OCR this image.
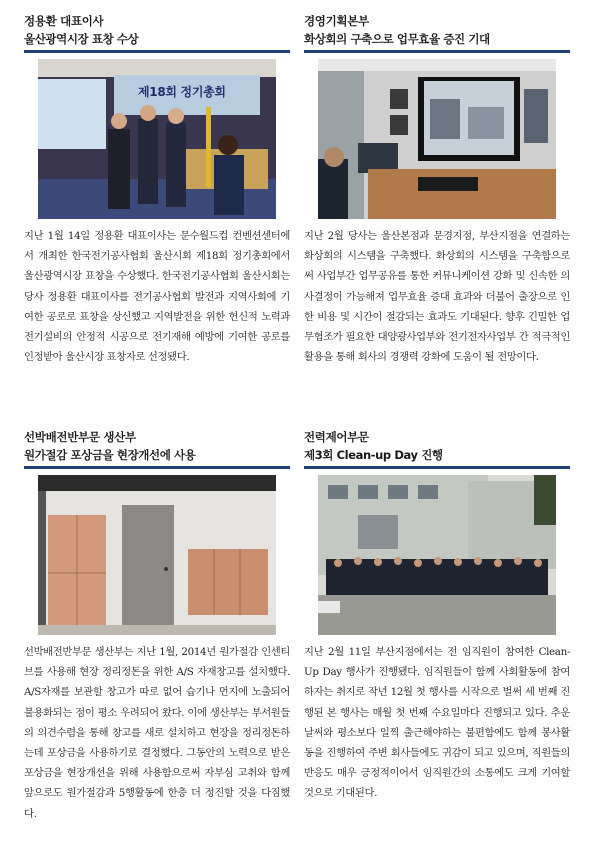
정용환 대표이사
울산광역시장 표창 수상
제18회 정기총회
지난 1월 14일 정용환 대표이사는 문수월드컵 컨벤션센터에서 개최한 한국전기공사협회 울산시회 제18회 정기총회에서 울산광역시장 표창을 수상했다. 한국전기공사협회 울산시회는 당사 정용환 대표이사를 전기공사협회 발전과 지역사회에 기여한 공로로 표창을 상신했고 지역발전을 위한 헌신적 노력과 전기설비의 안정적 시공으로 전기재해 예방에 기여한 공로를 인정받아 울산시장 표창자로 선정됐다.
경영기획본부
화상회의 구축으로 업무효율 증진 기대
지난 2월 당사는 울산본점과 문경지점, 부산지점을 연결하는 화상회의 시스템을 구축했다. 화상회의 시스템을 구축함으로써 사업부간 업무공유를 통한 커뮤니케이션 강화 및 신속한 의사결정이 가능해져 업무효율 증대 효과와 더불어 출장으로 인한 비용 및 시간이 절감되는 효과도 기대된다. 향후 긴밀한 업무협조가 필요한 대양광사업부와 전기전자사업부 간 적극적인 활용을 통해 회사의 경쟁력 강화에 도움이 될 전망이다.
선박배전반부문 생산부
원가절감 포상금을 현장개선에 사용
선박배전반부문 생산부는 지난 1월, 2014년 원가절감 인센티브를 사용해 현장 정리정돈을 위한 A/S 자재창고를 설치했다. A/S자재를 보관할 창고가 따로 없어 습기나 먼지에 노출되어 불용화되는 점이 평소 우려되어 왔다. 이에 생산부는 부서원들의 의견수렴을 통해 창고를 새로 설치하고 현장을 정리정돈하는데 포상금을 사용하기로 결정했다. 그동안의 노력으로 받은 포상금을 현장개선을 위해 사용함으로써 자부심 고취와 함께 앞으로도 원가절감과 5행활동에 한층 더 정진할 것을 다짐했다.
전력제어부문
제3회 Clean-up Day 진행
지난 2월 11일 부산지점에서는 전 임직원이 참여한 Clean-Up Day 행사가 진행됐다. 임직원들이 함께 사회활동에 참여하자는 취지로 작년 12월 첫 행사를 시작으로 벌써 세 번째 진행된 본 행사는 매월 첫 번째 수요일마다 진행되고 있다. 추운날씨와 평소보다 일찍 출근해야하는 불편함에도 함께 봉사활동을 진행하여 주변 회사들에도 귀감이 되고 있으며, 직원들의 반응도 매우 긍정적이어서 임직원간의 소통에도 크게 기여할 것으로 기대된다.
